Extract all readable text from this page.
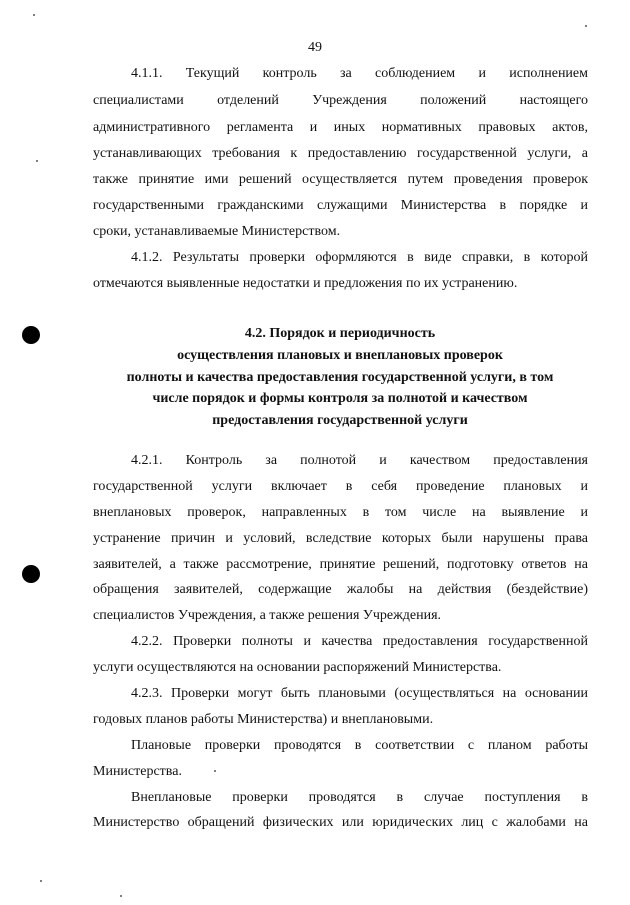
49
4.1.1. Текущий контроль за соблюдением и исполнением
специалистами отделений Учреждения положений настоящего
административного регламента и иных нормативных правовых актов,
устанавливающих требования к предоставлению государственной услуги, а
также принятие ими решений осуществляется путем проведения проверок
государственными гражданскими служащими Министерства в порядке и
сроки, устанавливаемые Министерством.
4.1.2. Результаты проверки оформляются в виде справки, в которой
отмечаются выявленные недостатки и предложения по их устранению.
4.2. Порядок и периодичность
осуществления плановых и внеплановых проверок
полноты и качества предоставления государственной услуги, в том
числе порядок и формы контроля за полнотой и качеством
предоставления государственной услуги
4.2.1. Контроль за полнотой и качеством предоставления
государственной услуги включает в себя проведение плановых и
внеплановых проверок, направленных в том числе на выявление и
устранение причин и условий, вследствие которых были нарушены права
заявителей, а также рассмотрение, принятие решений, подготовку ответов на
обращения заявителей, содержащие жалобы на действия (бездействие)
специалистов Учреждения, а также решения Учреждения.
4.2.2. Проверки полноты и качества предоставления государственной
услуги осуществляются на основании распоряжений Министерства.
4.2.3. Проверки могут быть плановыми (осуществляться на основании
годовых планов работы Министерства) и внеплановыми.
Плановые проверки проводятся в соответствии с планом работы
Министерства.
Внеплановые проверки проводятся в случае поступления в
Министерство обращений физических или юридических лиц с жалобами на
